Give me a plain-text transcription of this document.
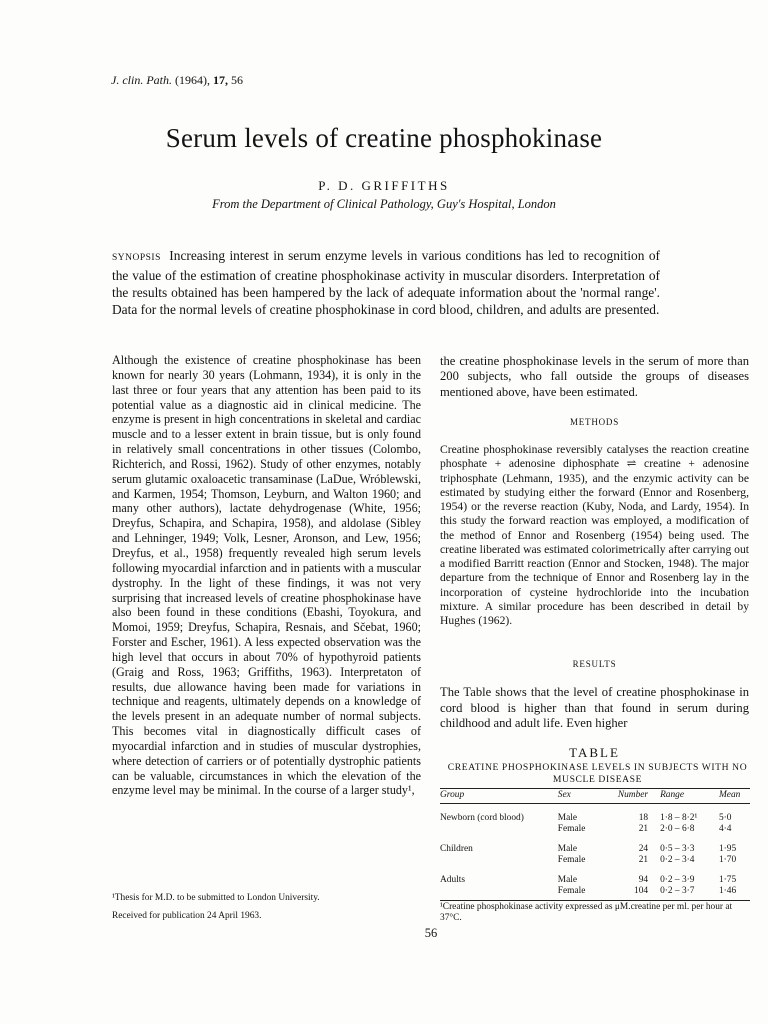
J. clin. Path. (1964), 17, 56
Serum levels of creatine phosphokinase
P. D. GRIFFITHS
From the Department of Clinical Pathology, Guy's Hospital, London
SYNOPSIS Increasing interest in serum enzyme levels in various conditions has led to recognition of the value of the estimation of creatine phosphokinase activity in muscular disorders. Interpretation of the results obtained has been hampered by the lack of adequate information about the 'normal range'. Data for the normal levels of creatine phosphokinase in cord blood, children, and adults are presented.
Although the existence of creatine phosphokinase has been known for nearly 30 years (Lohmann, 1934), it is only in the last three or four years that any attention has been paid to its potential value as a diagnostic aid in clinical medicine. The enzyme is present in high concentrations in skeletal and cardiac muscle and to a lesser extent in brain tissue, but is only found in relatively small concentrations in other tissues (Colombo, Richterich, and Rossi, 1962). Study of other enzymes, notably serum glutamic oxaloacetic transaminase (LaDue, Wróblewski, and Karmen, 1954; Thomson, Leyburn, and Walton 1960; and many other authors), lactate dehydrogenase (White, 1956; Dreyfus, Schapira, and Schapira, 1958), and aldolase (Sibley and Lehninger, 1949; Volk, Lesner, Aronson, and Lew, 1956; Dreyfus, et al., 1958) frequently revealed high serum levels following myocardial infarction and in patients with a muscular dystrophy. In the light of these findings, it was not very surprising that increased levels of creatine phosphokinase have also been found in these conditions (Ebashi, Toyokura, and Momoi, 1959; Dreyfus, Schapira, Resnais, and Sčebat, 1960; Forster and Escher, 1961). A less expected observation was the high level that occurs in about 70% of hypothyroid patients (Graig and Ross, 1963; Griffiths, 1963). Interpretaton of results, due allowance having been made for variations in technique and reagents, ultimately depends on a knowledge of the levels present in an adequate number of normal subjects. This becomes vital in diagnostically difficult cases of myocardial infarction and in studies of muscular dystrophies, where detection of carriers or of potentially dystrophic patients can be valuable, circumstances in which the elevation of the enzyme level may be minimal. In the course of a larger study¹,
the creatine phosphokinase levels in the serum of more than 200 subjects, who fall outside the groups of diseases mentioned above, have been estimated.
METHODS
Creatine phosphokinase reversibly catalyses the reaction creatine phosphate + adenosine diphosphate ⇌ creatine + adenosine triphosphate (Lehmann, 1935), and the enzymic activity can be estimated by studying either the forward (Ennor and Rosenberg, 1954) or the reverse reaction (Kuby, Noda, and Lardy, 1954). In this study the forward reaction was employed, a modification of the method of Ennor and Rosenberg (1954) being used. The creatine liberated was estimated colorimetrically after carrying out a modified Barritt reaction (Ennor and Stocken, 1948). The major departure from the technique of Ennor and Rosenberg lay in the incorporation of cysteine hydrochloride into the incubation mixture. A similar procedure has been described in detail by Hughes (1962).
RESULTS
The Table shows that the level of creatine phosphokinase in cord blood is higher than that found in serum during childhood and adult life. Even higher
TABLE
CREATINE PHOSPHOKINASE LEVELS IN SUBJECTS WITH NO MUSCLE DISEASE
Group	Sex	Number	Range	Mean

Newborn (cord blood)	Male	18	1·8 – 8·2¹	5·0
	Female	21	2·0 – 6·8	4·4

Children	Male	24	0·5 – 3·3	1·95
	Female	21	0·2 – 3·4	1·70

Adults	Male	94	0·2 – 3·9	1·75
	Female	104	0·2 – 3·7	1·46
¹Creatine phosphokinase activity expressed as μM.creatine per ml. per hour at 37°C.
¹Thesis for M.D. to be submitted to London University.
Received for publication 24 April 1963.
56
